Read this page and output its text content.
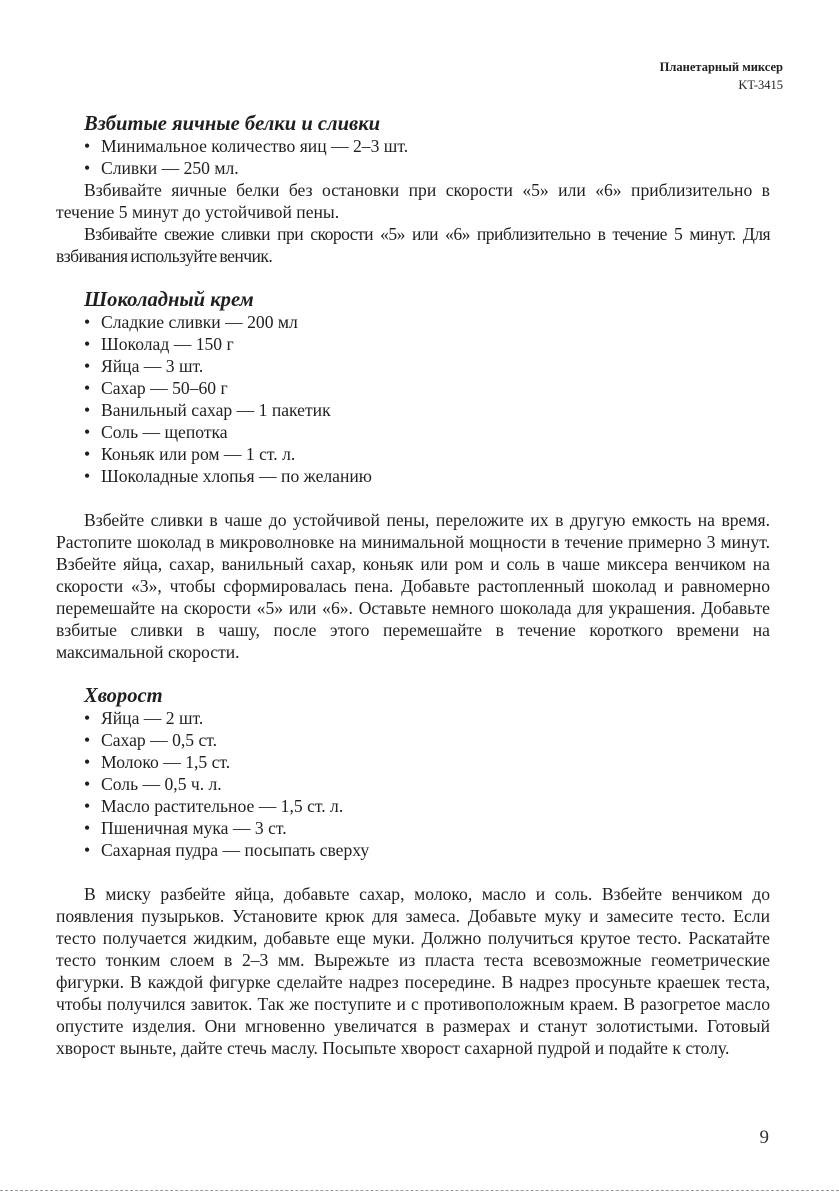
Планетарный миксер
KT-3415
Взбитые яичные белки и сливки
• Минимальное количество яиц — 2–3 шт.
• Сливки — 250 мл.

Взбивайте яичные белки без остановки при скорости «5» или «6» приблизительно в течение 5 минут до устойчивой пены.

Взбивайте свежие сливки при скорости «5» или «6» приблизительно в течение 5 минут. Для взбивания используйте венчик.

Шоколадный крем
• Сладкие сливки — 200 мл
• Шоколад — 150 г
• Яйца — 3 шт.
• Сахар — 50–60 г
• Ванильный сахар — 1 пакетик
• Соль — щепотка
• Коньяк или ром — 1 ст. л.
• Шоколадные хлопья — по желанию

Взбейте сливки в чаше до устойчивой пены, переложите их в другую емкость на время. Растопите шоколад в микроволновке на минимальной мощности в течение примерно 3 минут. Взбейте яйца, сахар, ванильный сахар, коньяк или ром и соль в чаше миксера венчиком на скорости «3», чтобы сформировалась пена. Добавьте растопленный шоколад и равномерно перемешайте на скорости «5» или «6». Оставьте немного шоколада для украшения. Добавьте взбитые сливки в чашу, после этого перемешайте в течение короткого времени на максимальной скорости.

Хворост
• Яйца — 2 шт.
• Сахар — 0,5 ст.
• Молоко — 1,5 ст.
• Соль — 0,5 ч. л.
• Масло растительное — 1,5 ст. л.
• Пшеничная мука — 3 ст.
• Сахарная пудра — посыпать сверху

В миску разбейте яйца, добавьте сахар, молоко, масло и соль. Взбейте венчиком до появления пузырьков. Установите крюк для замеса. Добавьте муку и замесите тесто. Если тесто получается жидким, добавьте еще муки. Должно получиться крутое тесто. Раскатайте тесто тонким слоем в 2–3 мм. Вырежьте из пласта теста всевозможные геометрические фигурки. В каждой фигурке сделайте надрез посередине. В надрез просуньте краешек теста, чтобы получился завиток. Так же поступите и с противоположным краем. В разогретое масло опустите изделия. Они мгновенно увеличатся в размерах и станут золотистыми. Готовый хворост выньте, дайте стечь маслу. Посыпьте хворост сахарной пудрой и подайте к столу.

9
